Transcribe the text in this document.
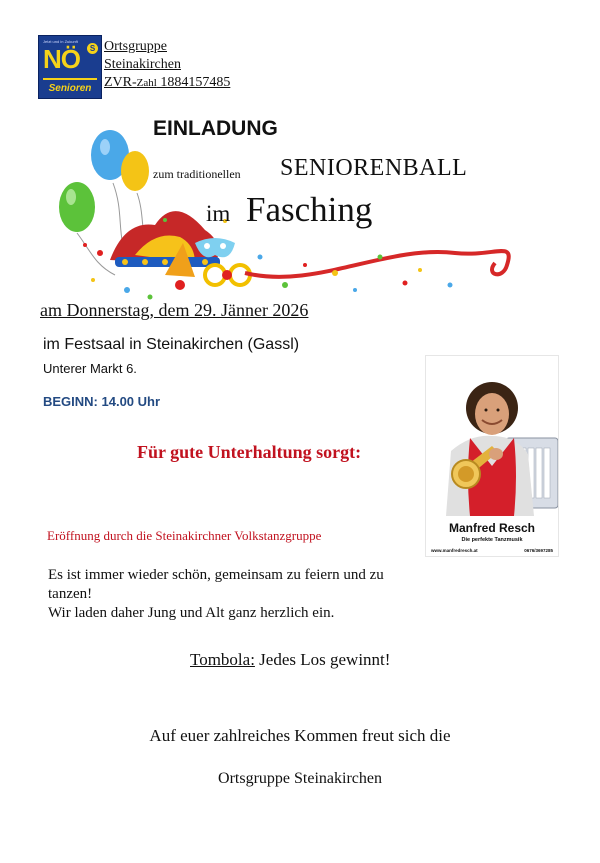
Jetzt und in Zukunft
NÖ	S
Senioren
Ortsgruppe
Steinakirchen
ZVR-Zahl 1884157485
EINLADUNG
zum traditionellen SENIORENBALL
im Fasching
am Donnerstag, dem 29. Jänner 2026
im Festsaal in Steinakirchen (Gassl)
Unterer Markt 6.
BEGINN: 14.00 Uhr
Manfred Resch
Die perfekte Tanzmusik
www.manfredresch.at	0676/3697285
Für gute Unterhaltung sorgt:
Eröffnung durch die Steinakirchner Volkstanzgruppe
Es ist immer wieder schön, gemeinsam zu feiern und zu tanzen!
Wir laden daher Jung und Alt ganz herzlich ein.
Tombola: Jedes Los gewinnt!
Auf euer zahlreiches Kommen freut sich die
Ortsgruppe Steinakirchen
